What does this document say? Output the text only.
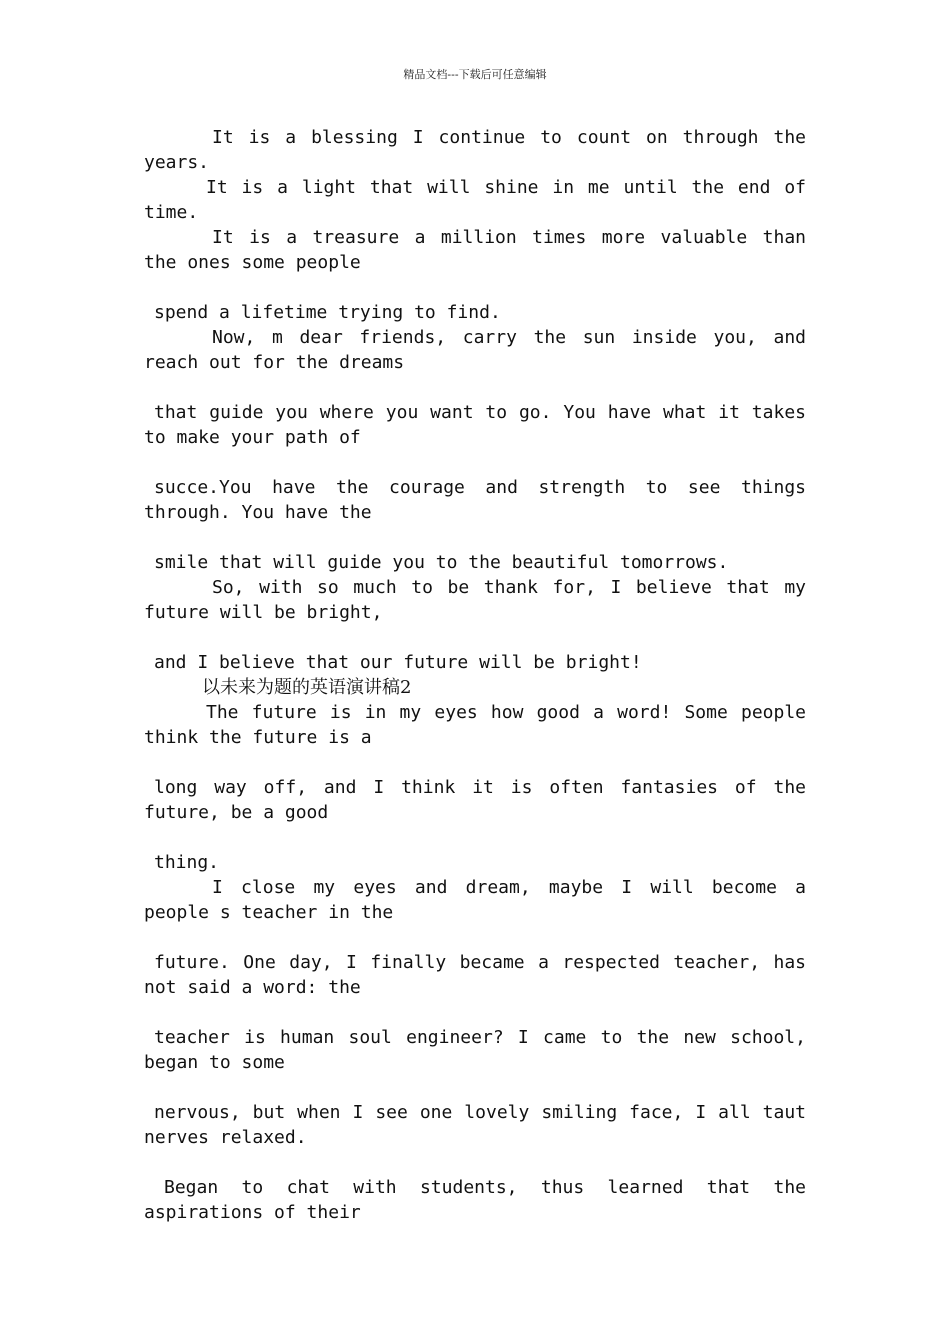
精品文档---下载后可任意编辑
It is a blessing I continue to count on through the years.
It is a light that will shine in me until the end of time.
It is a treasure a million times more valuable than the ones some people
spend a lifetime trying to find.
Now, m dear friends, carry the sun inside you, and reach out for the dreams
that guide you where you want to go. You have what it takes to make your path of
succe.You have the courage and strength to see things through. You have the
smile that will guide you to the beautiful tomorrows.
So, with so much to be thank for, I believe that my future will be bright,
and I believe that our future will be bright!
以未来为题的英语演讲稿2
The future is in my eyes how good a word! Some people think the future is a
long way off, and I think it is often fantasies of the future, be a good
thing.
I close my eyes and dream, maybe I will become a people s teacher in the
future. One day, I finally became a respected teacher, has not said a word: the
teacher is human soul engineer? I came to the new school, began to some
nervous, but when I see one lovely smiling face, I all taut nerves relaxed.
Began to chat with students, thus learned that the aspirations of their
